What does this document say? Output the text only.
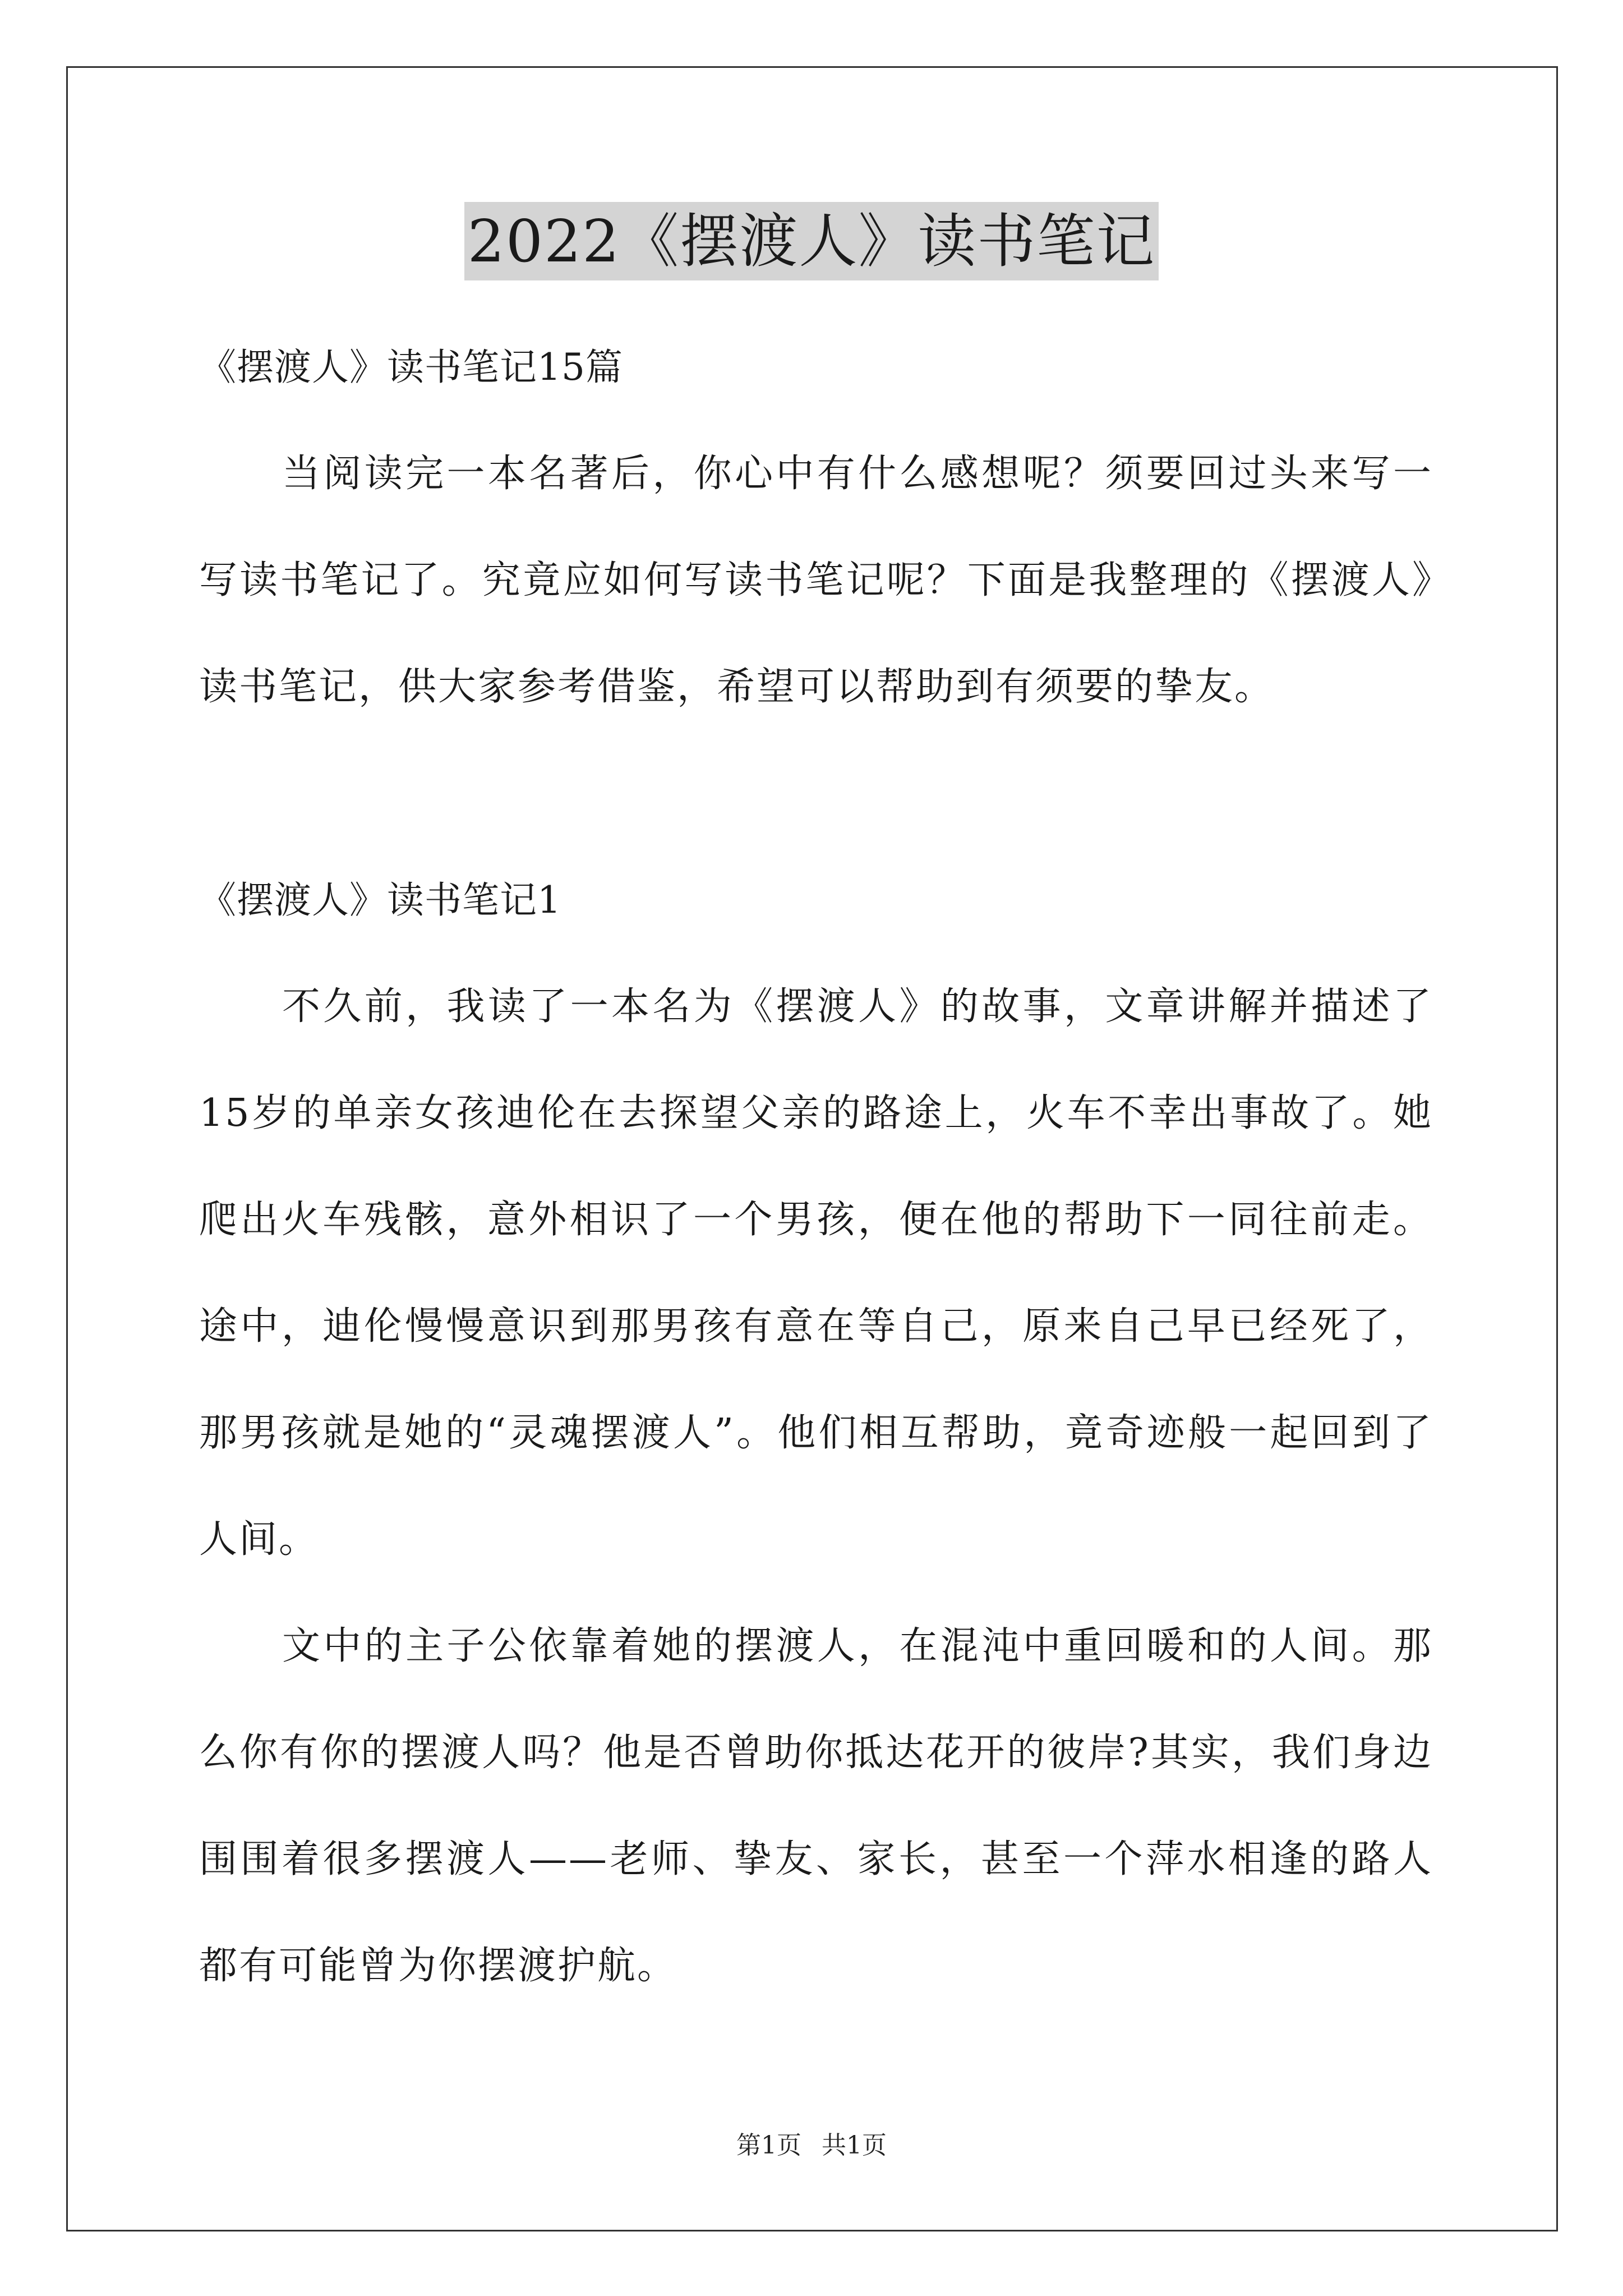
2022《摆渡人》读书笔记

《摆渡人》读书笔记15篇

当阅读完一本名著后，你心中有什么感想呢？须要回过头来写一写读书笔记了。究竟应如何写读书笔记呢？下面是我整理的《摆渡人》读书笔记，供大家参考借鉴，希望可以帮助到有须要的挚友。

《摆渡人》读书笔记1

不久前，我读了一本名为《摆渡人》的故事，文章讲解并描述了15岁的单亲女孩迪伦在去探望父亲的路途上，火车不幸出事故了。她爬出火车残骸，意外相识了一个男孩，便在他的帮助下一同往前走。途中，迪伦慢慢意识到那男孩有意在等自己，原来自己早已经死了，那男孩就是她的“灵魂摆渡人”。他们相互帮助，竟奇迹般一起回到了人间。

文中的主子公依靠着她的摆渡人，在混沌中重回暖和的人间。那么你有你的摆渡人吗？他是否曾助你抵达花开的彼岸?其实，我们身边围围着很多摆渡人——老师、挚友、家长，甚至一个萍水相逢的路人都有可能曾为你摆渡护航。

第1页 共1页
